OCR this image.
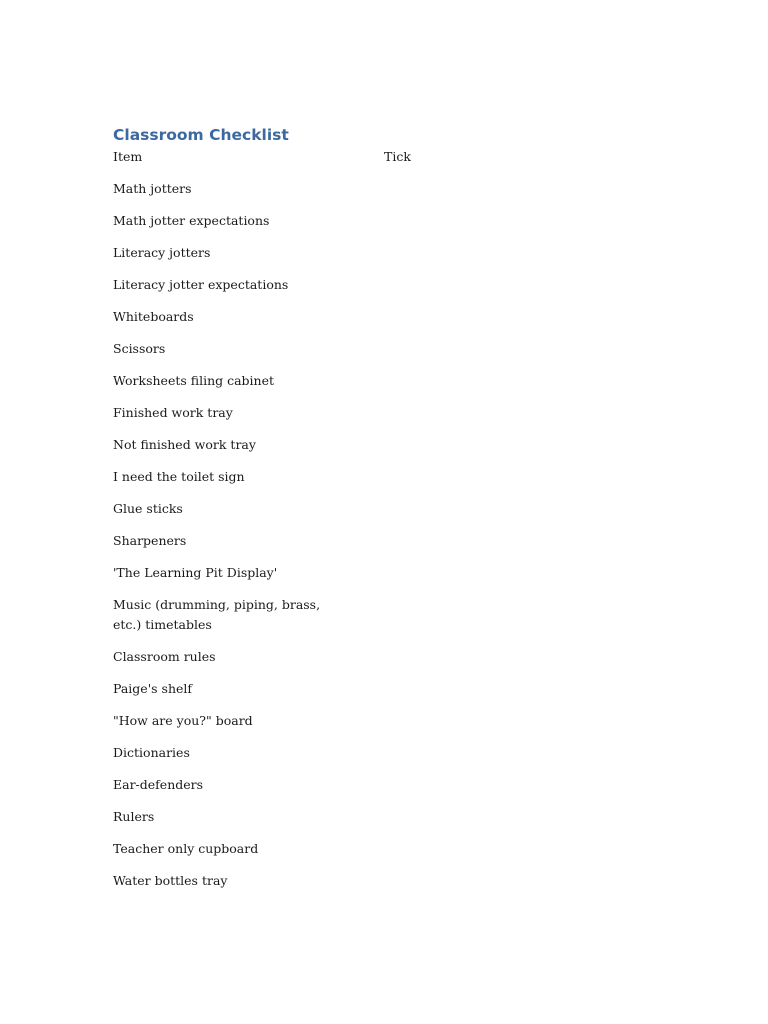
Classroom Checklist
Item	Tick

Math jotters	

Math jotter expectations	

Literacy jotters	

Literacy jotter expectations	

Whiteboards	

Scissors	

Worksheets filing cabinet	

Finished work tray	

Not finished work tray	

I need the toilet sign	

Glue sticks	

Sharpeners	

'The Learning Pit Display'	

Music (drumming, piping, brass, etc.) timetables	

Classroom rules	

Paige's shelf	

"How are you?" board	

Dictionaries	

Ear-defenders	

Rulers	

Teacher only cupboard	

Water bottles tray	
